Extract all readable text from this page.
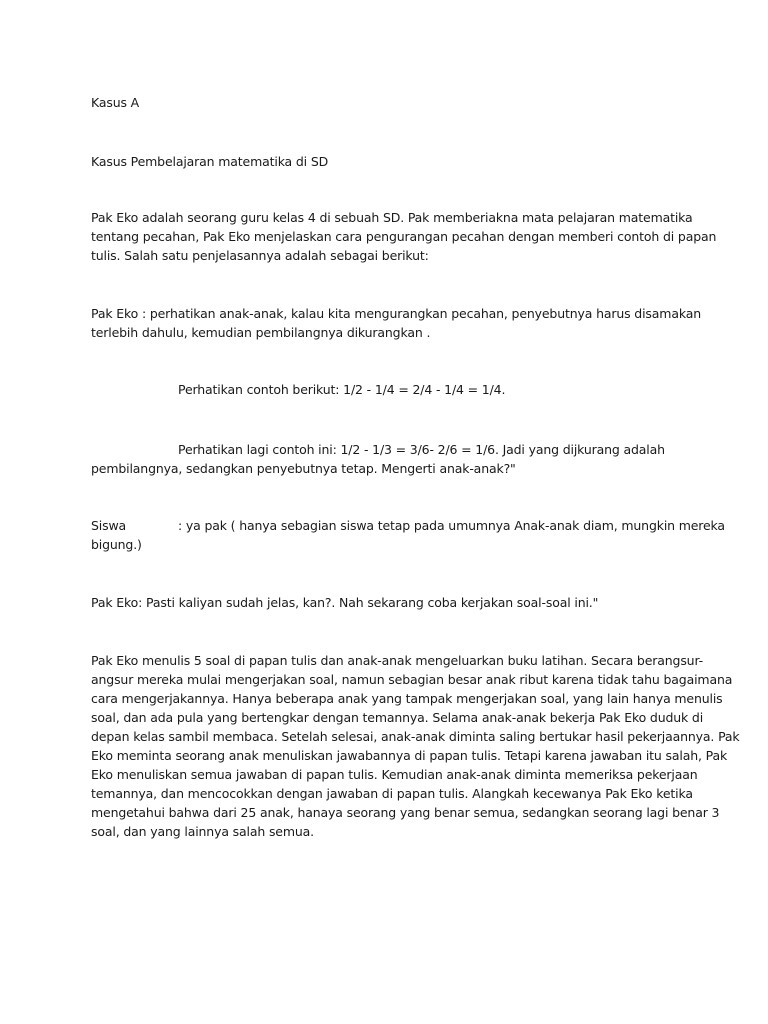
Kasus A
Kasus Pembelajaran matematika di SD
Pak Eko adalah seorang guru kelas 4 di sebuah SD. Pak memberiakna mata pelajaran matematika
tentang pecahan, Pak Eko menjelaskan cara pengurangan pecahan dengan memberi contoh di papan
tulis. Salah satu penjelasannya adalah sebagai berikut:
Pak Eko : perhatikan anak-anak, kalau kita mengurangkan pecahan, penyebutnya harus disamakan
terlebih dahulu, kemudian pembilangnya dikurangkan .
Perhatikan contoh berikut: 1/2 - 1/4 = 2/4 - 1/4 = 1/4.
Perhatikan lagi contoh ini: 1/2 - 1/3 = 3/6- 2/6 = 1/6. Jadi yang dijkurang adalah
pembilangnya, sedangkan penyebutnya tetap. Mengerti anak-anak?"
Siswa	: ya pak ( hanya sebagian siswa tetap pada umumnya Anak-anak diam, mungkin mereka
bigung.)
Pak Eko: Pasti kaliyan sudah jelas, kan?. Nah sekarang coba kerjakan soal-soal ini."
Pak Eko menulis 5 soal di papan tulis dan anak-anak mengeluarkan buku latihan. Secara berangsur-
angsur mereka mulai mengerjakan soal, namun sebagian besar anak ribut karena tidak tahu bagaimana
cara mengerjakannya. Hanya beberapa anak yang tampak mengerjakan soal, yang lain hanya menulis
soal, dan ada pula yang bertengkar dengan temannya. Selama anak-anak bekerja Pak Eko duduk di
depan kelas sambil membaca. Setelah selesai, anak-anak diminta saling bertukar hasil pekerjaannya. Pak
Eko meminta seorang anak menuliskan jawabannya di papan tulis. Tetapi karena jawaban itu salah, Pak
Eko menuliskan semua jawaban di papan tulis. Kemudian anak-anak diminta memeriksa pekerjaan
temannya, dan mencocokkan dengan jawaban di papan tulis. Alangkah kecewanya Pak Eko ketika
mengetahui bahwa dari 25 anak, hanaya seorang yang benar semua, sedangkan seorang lagi benar 3
soal, dan yang lainnya salah semua.
